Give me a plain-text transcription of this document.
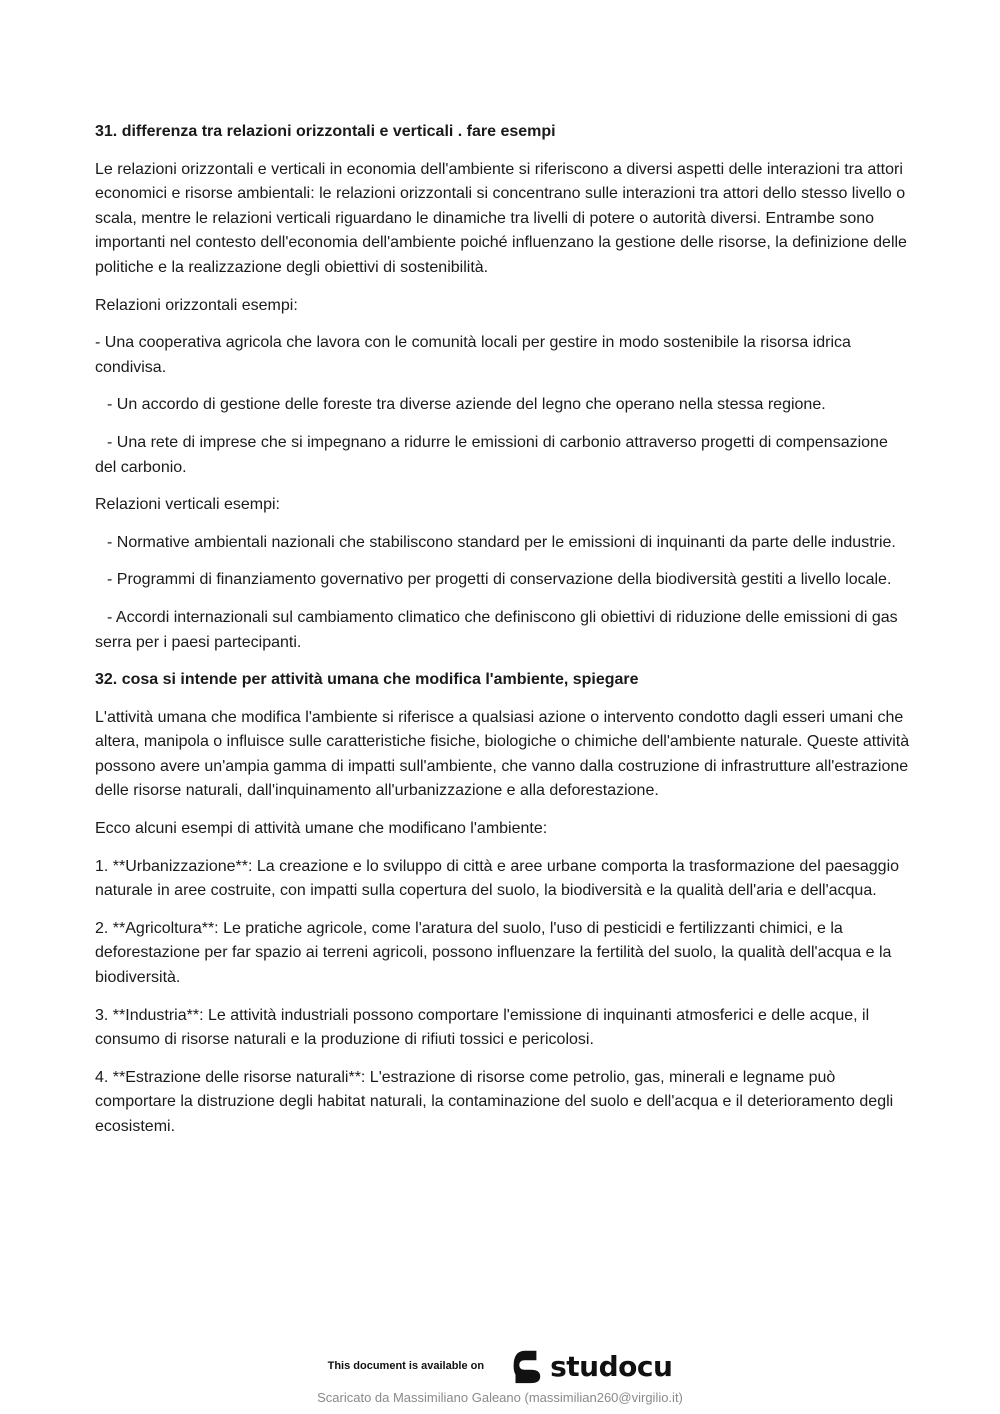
31. differenza tra relazioni orizzontali e verticali . fare esempi

Le relazioni orizzontali e verticali in economia dell'ambiente si riferiscono a diversi aspetti delle interazioni tra attori economici e risorse ambientali: le relazioni orizzontali si concentrano sulle interazioni tra attori dello stesso livello o scala, mentre le relazioni verticali riguardano le dinamiche tra livelli di potere o autorità diversi. Entrambe sono importanti nel contesto dell'economia dell'ambiente poiché influenzano la gestione delle risorse, la definizione delle politiche e la realizzazione degli obiettivi di sostenibilità.

Relazioni orizzontali esempi:

- Una cooperativa agricola che lavora con le comunità locali per gestire in modo sostenibile la risorsa idrica condivisa.

- Un accordo di gestione delle foreste tra diverse aziende del legno che operano nella stessa regione.

- Una rete di imprese che si impegnano a ridurre le emissioni di carbonio attraverso progetti di compensazione del carbonio.

Relazioni verticali esempi:

- Normative ambientali nazionali che stabiliscono standard per le emissioni di inquinanti da parte delle industrie.

- Programmi di finanziamento governativo per progetti di conservazione della biodiversità gestiti a livello locale.

- Accordi internazionali sul cambiamento climatico che definiscono gli obiettivi di riduzione delle emissioni di gas serra per i paesi partecipanti.

32. cosa si intende per attività umana che modifica l'ambiente, spiegare

L'attività umana che modifica l'ambiente si riferisce a qualsiasi azione o intervento condotto dagli esseri umani che altera, manipola o influisce sulle caratteristiche fisiche, biologiche o chimiche dell'ambiente naturale. Queste attività possono avere un'ampia gamma di impatti sull'ambiente, che vanno dalla costruzione di infrastrutture all'estrazione delle risorse naturali, dall'inquinamento all'urbanizzazione e alla deforestazione.

Ecco alcuni esempi di attività umane che modificano l'ambiente:

1. **Urbanizzazione**: La creazione e lo sviluppo di città e aree urbane comporta la trasformazione del paesaggio naturale in aree costruite, con impatti sulla copertura del suolo, la biodiversità e la qualità dell'aria e dell'acqua.

2. **Agricoltura**: Le pratiche agricole, come l'aratura del suolo, l'uso di pesticidi e fertilizzanti chimici, e la deforestazione per far spazio ai terreni agricoli, possono influenzare la fertilità del suolo, la qualità dell'acqua e la biodiversità.

3. **Industria**: Le attività industriali possono comportare l'emissione di inquinanti atmosferici e delle acque, il consumo di risorse naturali e la produzione di rifiuti tossici e pericolosi.

4. **Estrazione delle risorse naturali**: L'estrazione di risorse come petrolio, gas, minerali e legname può comportare la distruzione degli habitat naturali, la contaminazione del suolo e dell'acqua e il deterioramento degli ecosistemi.

This document is available on studocu
Scaricato da Massimiliano Galeano (massimilian260@virgilio.it)
